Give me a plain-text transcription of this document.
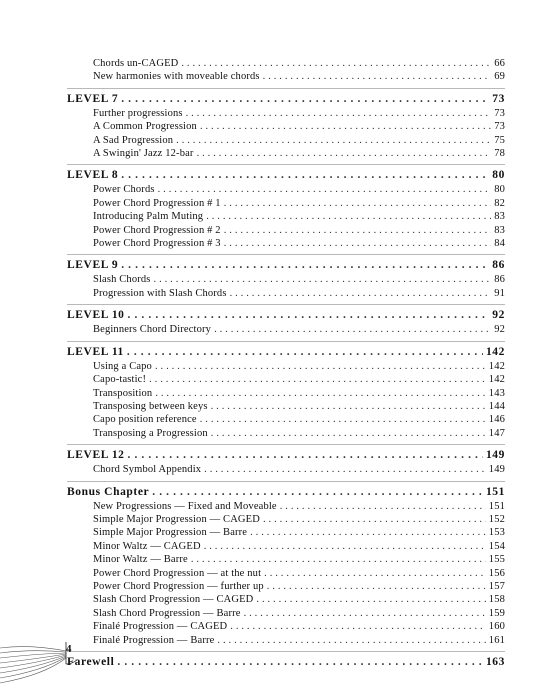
Chords un-CAGED . . .	66
New harmonies with moveable chords . . .	69
LEVEL 7 . . .	73
Further progressions . . .	73
A Common Progression . . .	73
A Sad Progression . . .	75
A Swingin' Jazz 12-bar . . .	78
LEVEL 8 . . .	80
Power Chords . . .	80
Power Chord Progression # 1 . . .	82
Introducing Palm Muting . . .	83
Power Chord Progression # 2 . . .	83
Power Chord Progression # 3 . . .	84
LEVEL 9 . . .	86
Slash Chords . . .	86
Progression with Slash Chords . . .	91
LEVEL 10 . . .	92
Beginners Chord Directory . . .	92
LEVEL 11 . . .	142
Using a Capo . . .	142
Capo-tastic! . . .	142
Transposition . . .	143
Transposing between keys . . .	144
Capo position reference . . .	146
Transposing a Progression . . .	147
LEVEL 12 . . .	149
Chord Symbol Appendix . . .	149
Bonus Chapter . . .	151
New Progressions — Fixed and Moveable . . .	151
Simple Major Progression — CAGED . . .	152
Simple Major Progression — Barre . . .	153
Minor Waltz — CAGED . . .	154
Minor Waltz — Barre . . .	155
Power Chord Progression — at the nut . . .	156
Power Chord Progression — further up . . .	157
Slash Chord Progression — CAGED . . .	158
Slash Chord Progression — Barre . . .	159
Finalé Progression — CAGED . . .	160
Finalé Progression — Barre . . .	161
Farewell . . .	163
4
